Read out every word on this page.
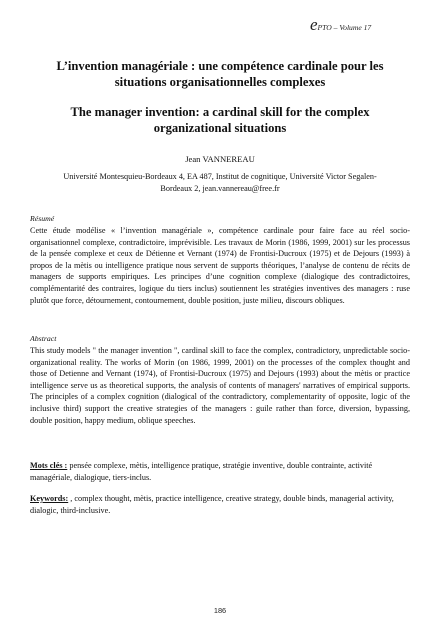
ePTO – Volume 17
L’invention managériale : une compétence cardinale pour les situations organisationnelles complexes
The manager invention: a cardinal skill for the complex organizational situations
Jean VANNEREAU
Université Montesquieu-Bordeaux 4, EA 487, Institut de cognitique, Université Victor Segalen-Bordeaux 2, jean.vannereau@free.fr
Résumé
Cette étude modélise « l’invention managériale », compétence cardinale pour faire face au réel socio-organisationnel complexe, contradictoire, imprévisible. Les travaux de Morin (1986, 1999, 2001) sur les processus de la pensée complexe et ceux de Détienne et Vernant (1974) de Frontisi-Ducroux (1975) et de Dejours (1993) à propos de la mètis ou intelligence pratique nous servent de supports théoriques, l’analyse de contenu de récits de managers de supports empiriques. Les principes d’une cognition complexe (dialogique des contradictoires, complémentarité des contraires, logique du tiers inclus) soutiennent les stratégies inventives des managers : ruse plutôt que force, détournement, contournement, double position, juste milieu, discours obliques.
Abstract
This study models " the manager invention ", cardinal skill to face the complex, contradictory, unpredictable socio-organizational reality. The works of Morin (on 1986, 1999, 2001) on the processes of the complex thought and those of Detienne and Vernant (1974), of Frontisi-Ducroux (1975) and Dejours (1993) about the mètis or practice intelligence serve us as theoretical supports, the analysis of contents of managers' narratives of empirical supports. The principles of a complex cognition (dialogical of the contradictory, complementarity of opposite, logic of the inclusive third) support the creative strategies of the managers : guile rather than force, diversion, bypassing, double position, happy medium, oblique speeches.
Mots clés : pensée complexe, mètis, intelligence pratique, stratégie inventive, double contrainte, activité managériale, dialogique, tiers-inclus.
Keywords: , complex thought, mètis, practice intelligence, creative strategy, double binds, managerial activity, dialogic, third-inclusive.
186
